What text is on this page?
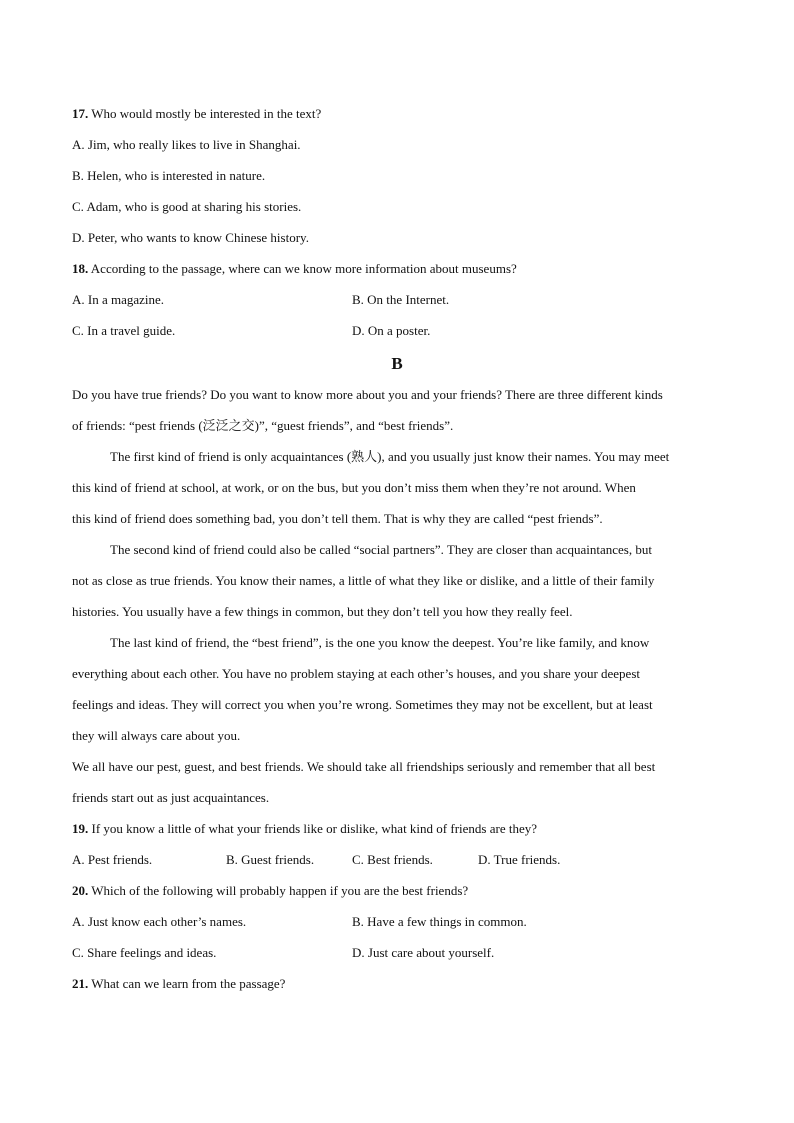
17. Who would mostly be interested in the text?
A. Jim, who really likes to live in Shanghai.
B. Helen, who is interested in nature.
C. Adam, who is good at sharing his stories.
D. Peter, who wants to know Chinese history.
18. According to the passage, where can we know more information about museums?
A. In a magazine.	B. On the Internet.
C. In a travel guide.	D. On a poster.
B
Do you have true friends? Do you want to know more about you and your friends? There are three different kinds
of friends: “pest friends (泛泛之交)”, “guest friends”, and “best friends”.
The first kind of friend is only acquaintances (熟人), and you usually just know their names. You may meet
this kind of friend at school, at work, or on the bus, but you don’t miss them when they’re not around. When
this kind of friend does something bad, you don’t tell them. That is why they are called “pest friends”.
The second kind of friend could also be called “social partners”. They are closer than acquaintances, but
not as close as true friends. You know their names, a little of what they like or dislike, and a little of their family
histories. You usually have a few things in common, but they don’t tell you how they really feel.
The last kind of friend, the “best friend”, is the one you know the deepest. You’re like family, and know
everything about each other. You have no problem staying at each other’s houses, and you share your deepest
feelings and ideas. They will correct you when you’re wrong. Sometimes they may not be excellent, but at least
they will always care about you.
We all have our pest, guest, and best friends. We should take all friendships seriously and remember that all best
friends start out as just acquaintances.
19. If you know a little of what your friends like or dislike, what kind of friends are they?
A. Pest friends.	B. Guest friends.	C. Best friends.	D. True friends.
20. Which of the following will probably happen if you are the best friends?
A. Just know each other’s names.	B. Have a few things in common.
C. Share feelings and ideas.	D. Just care about yourself.
21. What can we learn from the passage?
